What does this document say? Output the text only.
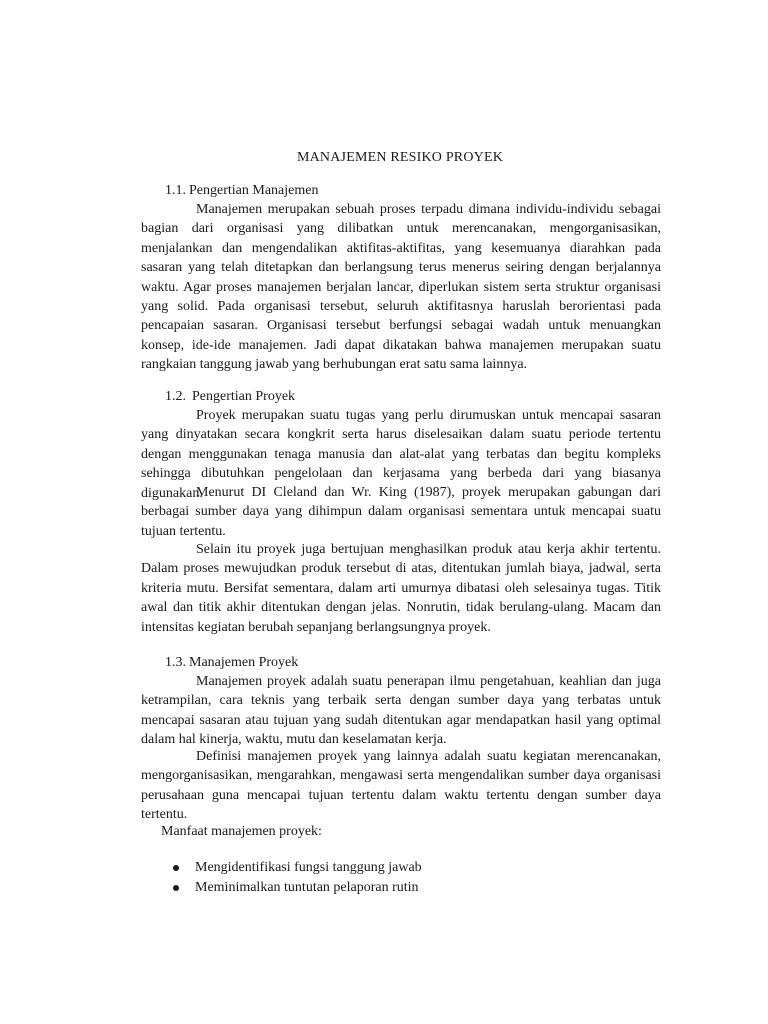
MANAJEMEN RESIKO PROYEK
1.1. Pengertian Manajemen

Manajemen merupakan sebuah proses terpadu dimana individu-individu sebagai bagian dari organisasi yang dilibatkan untuk merencanakan, mengorganisasikan, menjalankan dan mengendalikan aktifitas-aktifitas, yang kesemuanya diarahkan pada sasaran yang telah ditetapkan dan berlangsung terus menerus seiring dengan berjalannya waktu. Agar proses manajemen berjalan lancar, diperlukan sistem serta struktur organisasi yang solid. Pada organisasi tersebut, seluruh aktifitasnya haruslah berorientasi pada pencapaian sasaran. Organisasi tersebut berfungsi sebagai wadah untuk menuangkan konsep, ide-ide manajemen. Jadi dapat dikatakan bahwa manajemen merupakan suatu rangkaian tanggung jawab yang berhubungan erat satu sama lainnya.

1.2. Pengertian Proyek

Proyek merupakan suatu tugas yang perlu dirumuskan untuk mencapai sasaran yang dinyatakan secara kongkrit serta harus diselesaikan dalam suatu periode tertentu dengan menggunakan tenaga manusia dan alat-alat yang terbatas dan begitu kompleks sehingga dibutuhkan pengelolaan dan kerjasama yang berbeda dari yang biasanya digunakan.

Menurut DI Cleland dan Wr. King (1987), proyek merupakan gabungan dari berbagai sumber daya yang dihimpun dalam organisasi sementara untuk mencapai suatu tujuan tertentu.

Selain itu proyek juga bertujuan menghasilkan produk atau kerja akhir tertentu. Dalam proses mewujudkan produk tersebut di atas, ditentukan jumlah biaya, jadwal, serta kriteria mutu. Bersifat sementara, dalam arti umurnya dibatasi oleh selesainya tugas. Titik awal dan titik akhir ditentukan dengan jelas. Nonrutin, tidak berulang-ulang. Macam dan intensitas kegiatan berubah sepanjang berlangsungnya proyek.

1.3. Manajemen Proyek

Manajemen proyek adalah suatu penerapan ilmu pengetahuan, keahlian dan juga ketrampilan, cara teknis yang terbaik serta dengan sumber daya yang terbatas untuk mencapai sasaran atau tujuan yang sudah ditentukan agar mendapatkan hasil yang optimal dalam hal kinerja, waktu, mutu dan keselamatan kerja.

Definisi manajemen proyek yang lainnya adalah suatu kegiatan merencanakan, mengorganisasikan, mengarahkan, mengawasi serta mengendalikan sumber daya organisasi perusahaan guna mencapai tujuan tertentu dalam waktu tertentu dengan sumber daya tertentu.

Manfaat manajemen proyek:
Mengidentifikasi fungsi tanggung jawab
Meminimalkan tuntutan pelaporan rutin
